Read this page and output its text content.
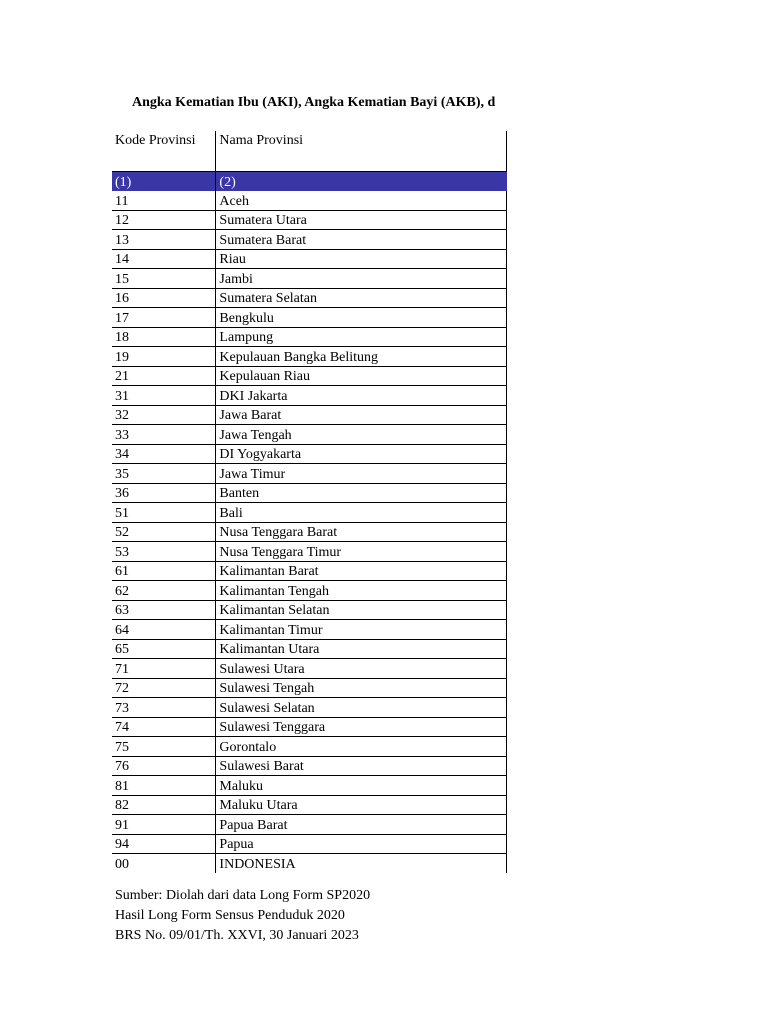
Angka Kematian Ibu (AKI), Angka Kematian Bayi (AKB), d
Kode Provinsi	Nama Provinsi
(1)	(2)
11	Aceh
12	Sumatera Utara
13	Sumatera Barat
14	Riau
15	Jambi
16	Sumatera Selatan
17	Bengkulu
18	Lampung
19	Kepulauan Bangka Belitung
21	Kepulauan Riau
31	DKI Jakarta
32	Jawa Barat
33	Jawa Tengah
34	DI Yogyakarta
35	Jawa Timur
36	Banten
51	Bali
52	Nusa Tenggara Barat
53	Nusa Tenggara Timur
61	Kalimantan Barat
62	Kalimantan Tengah
63	Kalimantan Selatan
64	Kalimantan Timur
65	Kalimantan Utara
71	Sulawesi Utara
72	Sulawesi Tengah
73	Sulawesi Selatan
74	Sulawesi Tenggara
75	Gorontalo
76	Sulawesi Barat
81	Maluku
82	Maluku Utara
91	Papua Barat
94	Papua
00	INDONESIA
Sumber: Diolah dari data Long Form SP2020
Hasil Long Form Sensus Penduduk 2020
BRS No. 09/01/Th. XXVI, 30 Januari 2023
